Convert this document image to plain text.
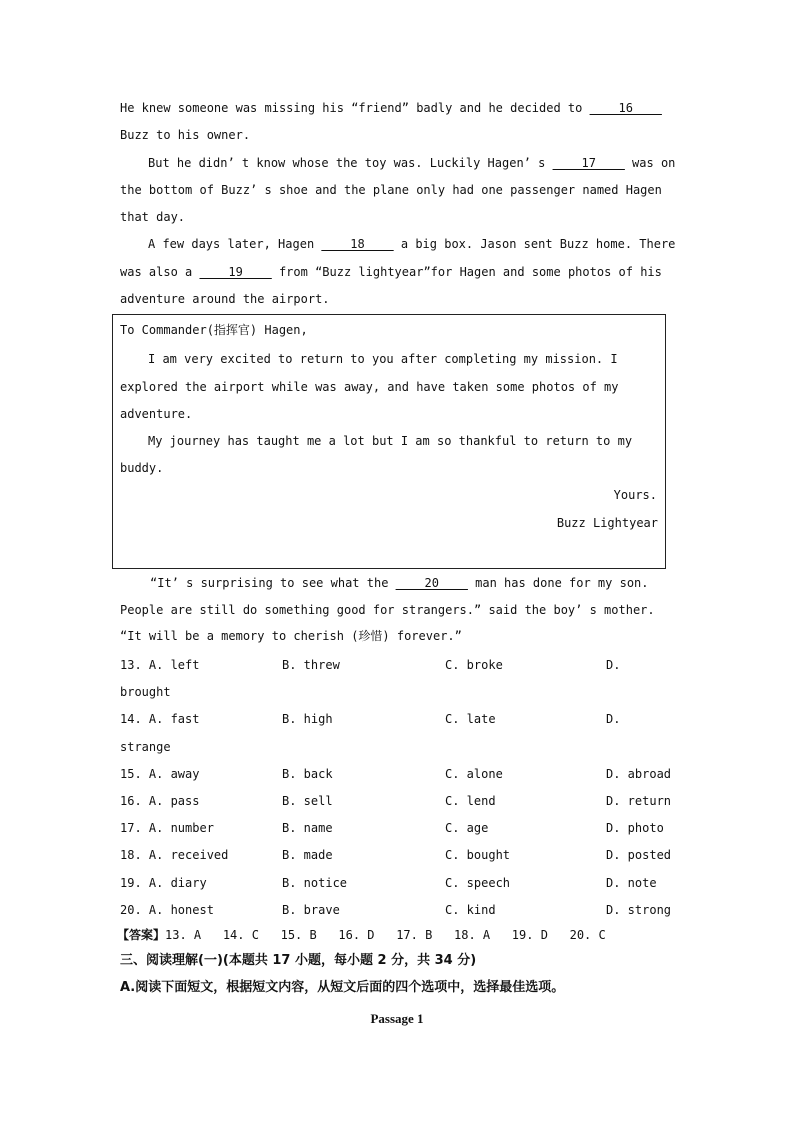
He knew someone was missing his “friend” badly and he decided to ____16____
Buzz to his owner.
But he didn’ t know whose the toy was. Luckily Hagen’ s ____17____ was on
the bottom of Buzz’ s shoe and the plane only had one passenger named Hagen
that day.
A few days later, Hagen ____18____ a big box. Jason sent Buzz home. There
was also a ____19____ from “Buzz lightyear”for Hagen and some photos of his
adventure around the airport.
To Commander(指挥官) Hagen,
I am very excited to return to you after completing my mission. I
explored the airport while was away, and have taken some photos of my
adventure.
My journey has taught me a lot but I am so thankful to return to my
buddy.
Yours.
Buzz Lightyear
“It’ s surprising to see what the ____20____ man has done for my son.
People are still do something good for strangers.” said the boy’ s mother.
“It will be a memory to cherish (珍惜) forever.”
13. A. left	B. threw	C. broke	D.
brought
14. A. fast	B. high	C. late	D.
strange
15. A. away	B. back	C. alone	D. abroad
16. A. pass	B. sell	C. lend	D. return
17. A. number	B. name	C. age	D. photo
18. A. received	B. made	C. bought	D. posted
19. A. diary	B. notice	C. speech	D. note
20. A. honest	B. brave	C. kind	D. strong
【答案】13. A   14. C   15. B   16. D   17. B   18. A   19. D   20. C
三、阅读理解(一)(本题共 17 小题，每小题 2 分，共 34 分)
A.阅读下面短文，根据短文内容，从短文后面的四个选项中，选择最佳选项。
Passage 1
